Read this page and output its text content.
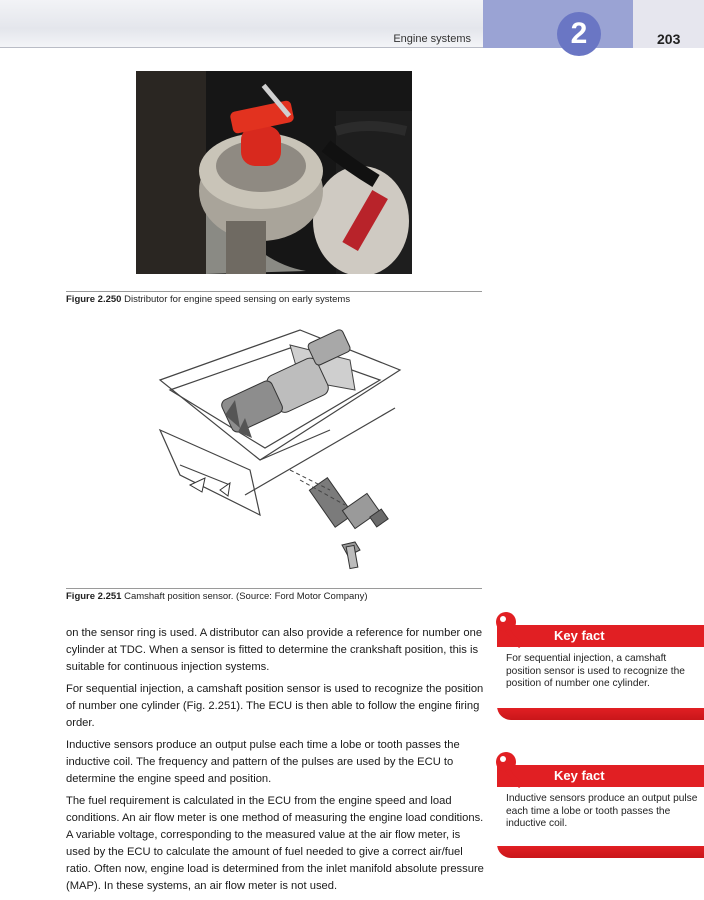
Engine systems	2	203
Figure 2.250 Distributor for engine speed sensing on early systems
Figure 2.251 Camshaft position sensor. (Source: Ford Motor Company)

on the sensor ring is used. A distributor can also provide a reference for number one cylinder at TDC. When a sensor is fitted to determine the crankshaft position, this is suitable for continuous injection systems.

For sequential injection, a camshaft position sensor is used to recognize the position of number one cylinder (Fig. 2.251). The ECU is then able to follow the engine firing order.

Inductive sensors produce an output pulse each time a lobe or tooth passes the inductive coil. The frequency and pattern of the pulses are used by the ECU to determine the engine speed and position.

The fuel requirement is calculated in the ECU from the engine speed and load conditions. An air flow meter is one method of measuring the engine load conditions. A variable voltage, corresponding to the measured value at the air flow meter, is used by the ECU to calculate the amount of fuel needed to give a correct air/fuel ratio. Often now, engine load is determined from the inlet manifold absolute pressure (MAP). In these systems, an air flow meter is not used.

Key fact
For sequential injection, a camshaft position sensor is used to recognize the position of number one cylinder.
Key fact
Inductive sensors produce an output pulse each time a lobe or tooth passes the inductive coil.
